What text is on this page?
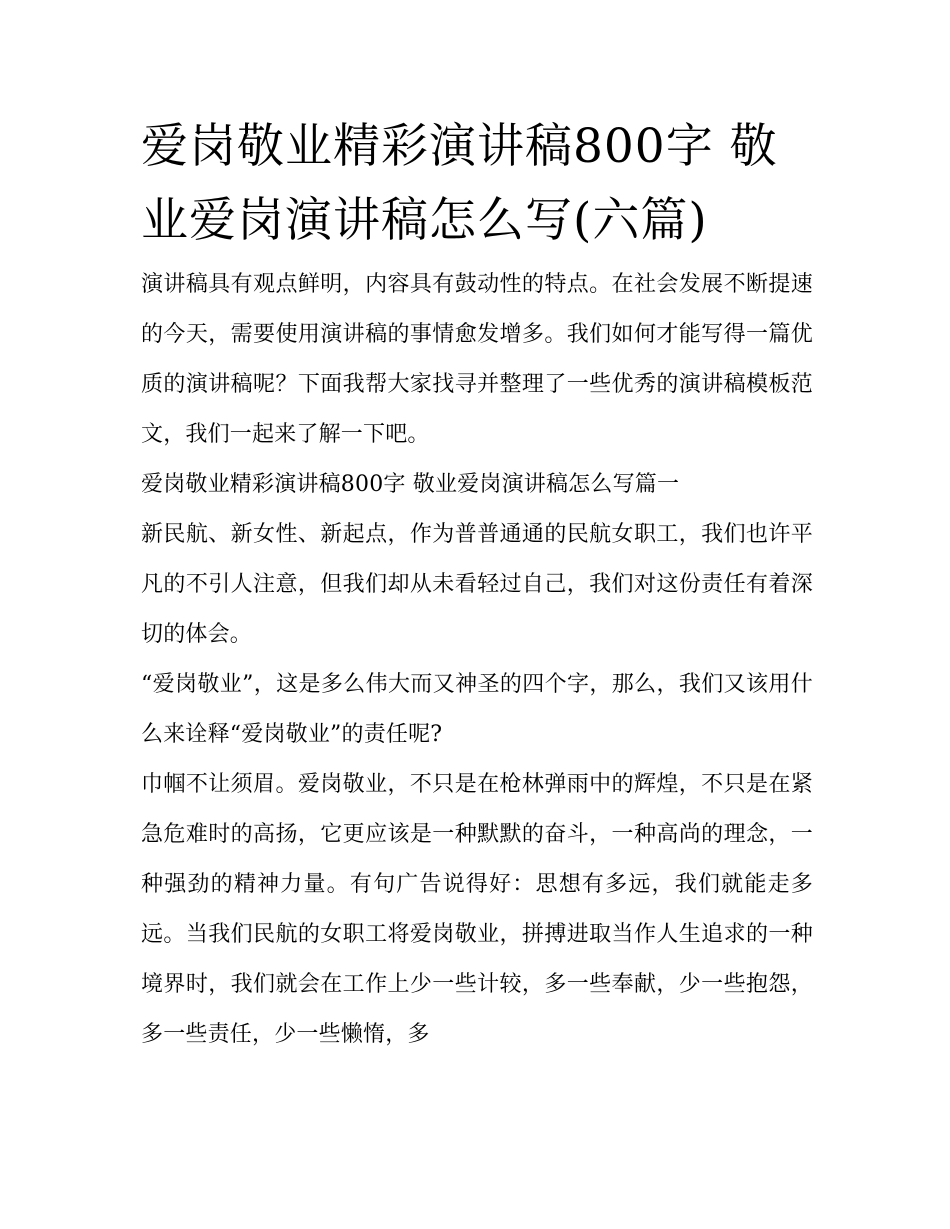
爱岗敬业精彩演讲稿800字 敬业爱岗演讲稿怎么写(六篇)

演讲稿具有观点鲜明，内容具有鼓动性的特点。在社会发展不断提速的今天，需要使用演讲稿的事情愈发增多。我们如何才能写得一篇优质的演讲稿呢？下面我帮大家找寻并整理了一些优秀的演讲稿模板范文，我们一起来了解一下吧。

爱岗敬业精彩演讲稿800字 敬业爱岗演讲稿怎么写篇一

新民航、新女性、新起点，作为普普通通的民航女职工，我们也许平凡的不引人注意，但我们却从未看轻过自己，我们对这份责任有着深切的体会。

“爱岗敬业”，这是多么伟大而又神圣的四个字，那么，我们又该用什么来诠释“爱岗敬业”的责任呢?

巾帼不让须眉。爱岗敬业，不只是在枪林弹雨中的辉煌，不只是在紧急危难时的高扬，它更应该是一种默默的奋斗，一种高尚的理念，一种强劲的精神力量。有句广告说得好：思想有多远，我们就能走多远。当我们民航的女职工将爱岗敬业，拼搏进取当作人生追求的一种境界时，我们就会在工作上少一些计较，多一些奉献，少一些抱怨，多一些责任，少一些懒惰，多
